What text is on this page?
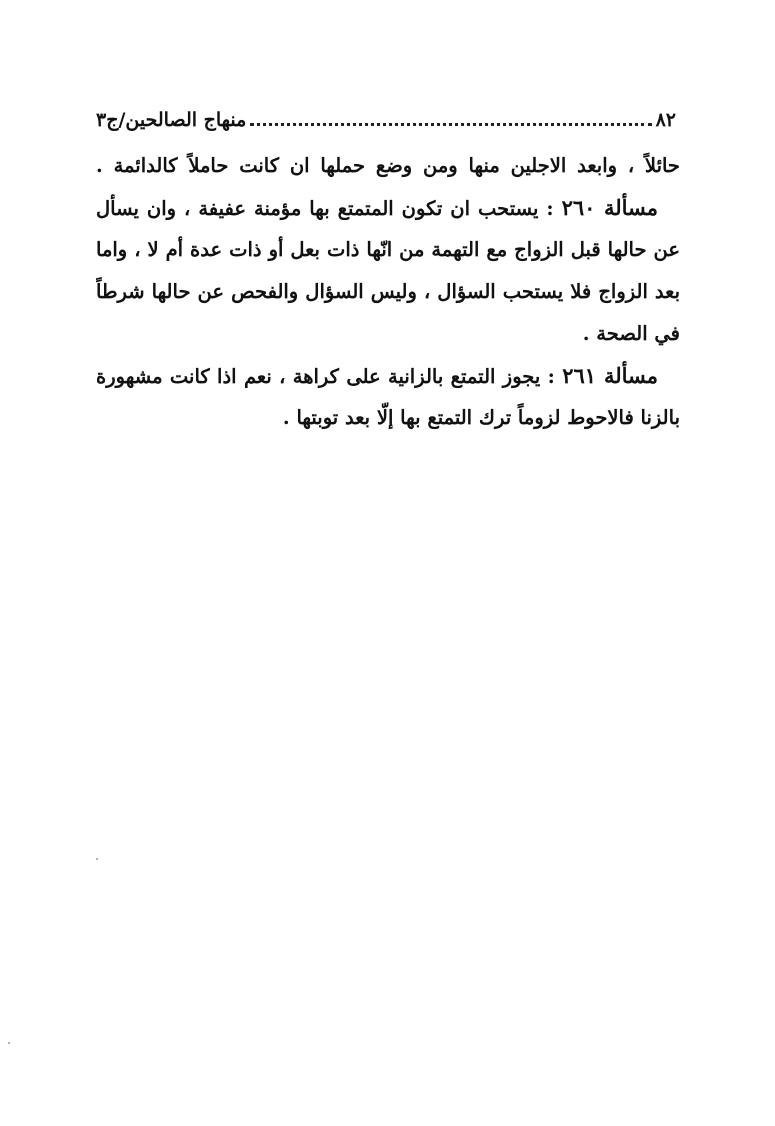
٨٢
منهاج الصالحين/ج٣
حائلاً ، وابعد الاجلين منها ومن وضع حملها ان كانت حاملاً كالدائمة .
مسألة ٢٦٠ : يستحب ان تكون المتمتع بها مؤمنة عفيفة ، وان يسأل
عن حالها قبل الزواج مع التهمة من انّها ذات بعل أو ذات عدة أم لا ، واما
بعد الزواج فلا يستحب السؤال ، وليس السؤال والفحص عن حالها شرطاً
في الصحة .
مسألة ٢٦١ : يجوز التمتع بالزانية على كراهة ، نعم اذا كانت مشهورة
بالزنا فالاحوط لزوماً ترك التمتع بها إلّا بعد توبتها .
